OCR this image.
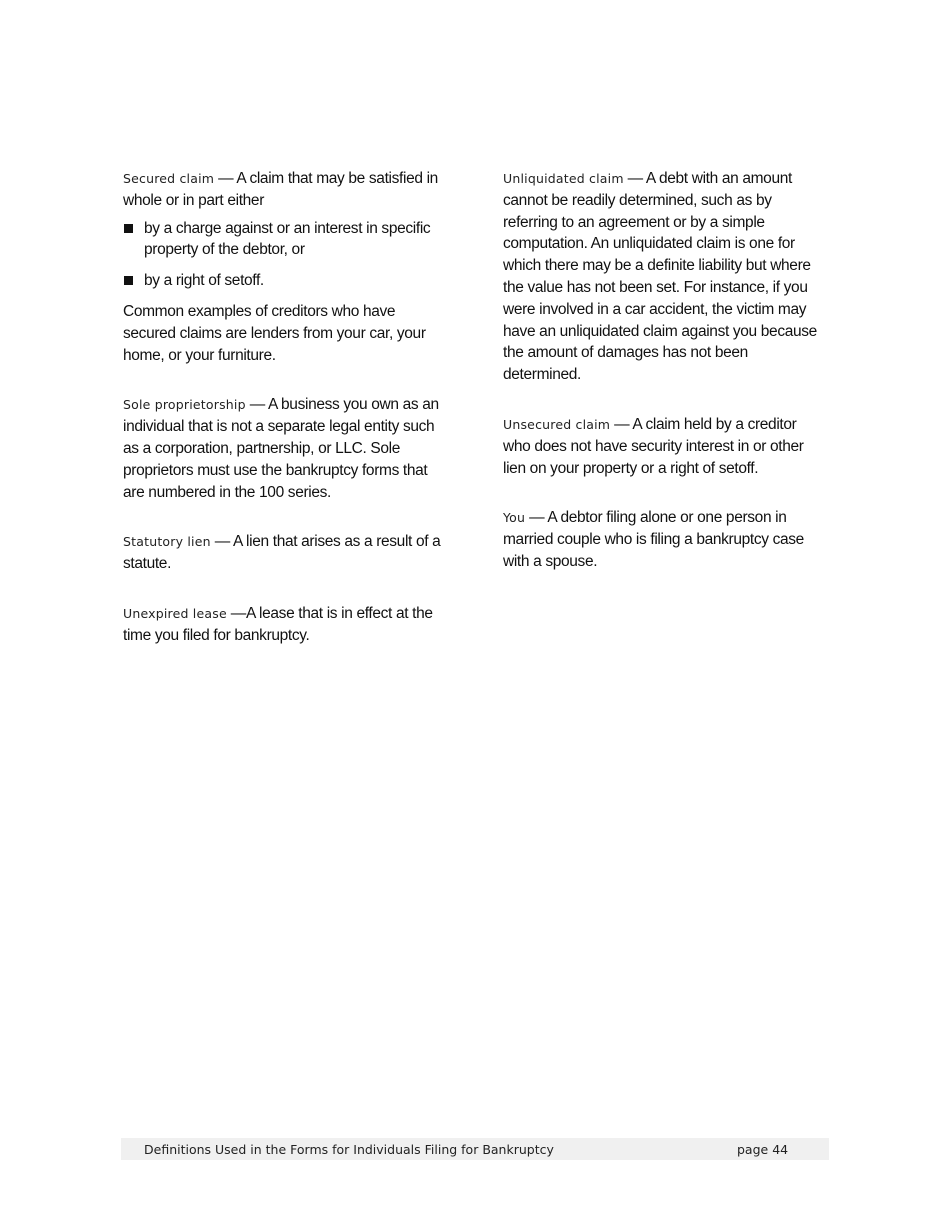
Secured claim — A claim that may be satisfied in whole or in part either

by a charge against or an interest in specific property of the debtor, or
by a right of setoff.

Common examples of creditors who have secured claims are lenders from your car, your home, or your furniture.

Sole proprietorship — A business you own as an individual that is not a separate legal entity such as a corporation, partnership, or LLC. Sole proprietors must use the bankruptcy forms that are numbered in the 100 series.

Statutory lien — A lien that arises as a result of a statute.

Unexpired lease —A lease that is in effect at the time you filed for bankruptcy.

Unliquidated claim — A debt with an amount cannot be readily determined, such as by referring to an agreement or by a simple computation. An unliquidated claim is one for which there may be a definite liability but where the value has not been set. For instance, if you were involved in a car accident, the victim may have an unliquidated claim against you because the amount of damages has not been determined.

Unsecured claim — A claim held by a creditor who does not have security interest in or other lien on your property or a right of setoff.

You — A debtor filing alone or one person in married couple who is filing a bankruptcy case with a spouse.

Definitions Used in the Forms for Individuals Filing for Bankruptcy	page 44
